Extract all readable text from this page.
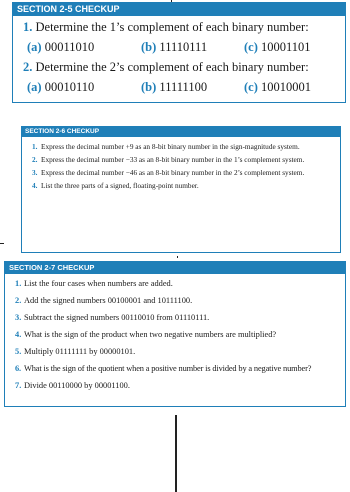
SECTION 2-5 CHECKUP
1. Determine the 1’s complement of each binary number:
(a) 00011010	(b) 11110111	(c) 10001101
2. Determine the 2’s complement of each binary number:
(a) 00010110	(b) 11111100	(c) 10010001
SECTION 2-6 CHECKUP
1. Express the decimal number +9 as an 8-bit binary number in the sign-magnitude system.
2. Express the decimal number −33 as an 8-bit binary number in the 1’s complement system.
3. Express the decimal number −46 as an 8-bit binary number in the 2’s complement system.
4. List the three parts of a signed, floating-point number.
SECTION 2-7 CHECKUP
1. List the four cases when numbers are added.
2. Add the signed numbers 00100001 and 10111100.
3. Subtract the signed numbers 00110010 from 01110111.
4. What is the sign of the product when two negative numbers are multiplied?
5. Multiply 01111111 by 00000101.
6. What is the sign of the quotient when a positive number is divided by a negative number?
7. Divide 00110000 by 00001100.
